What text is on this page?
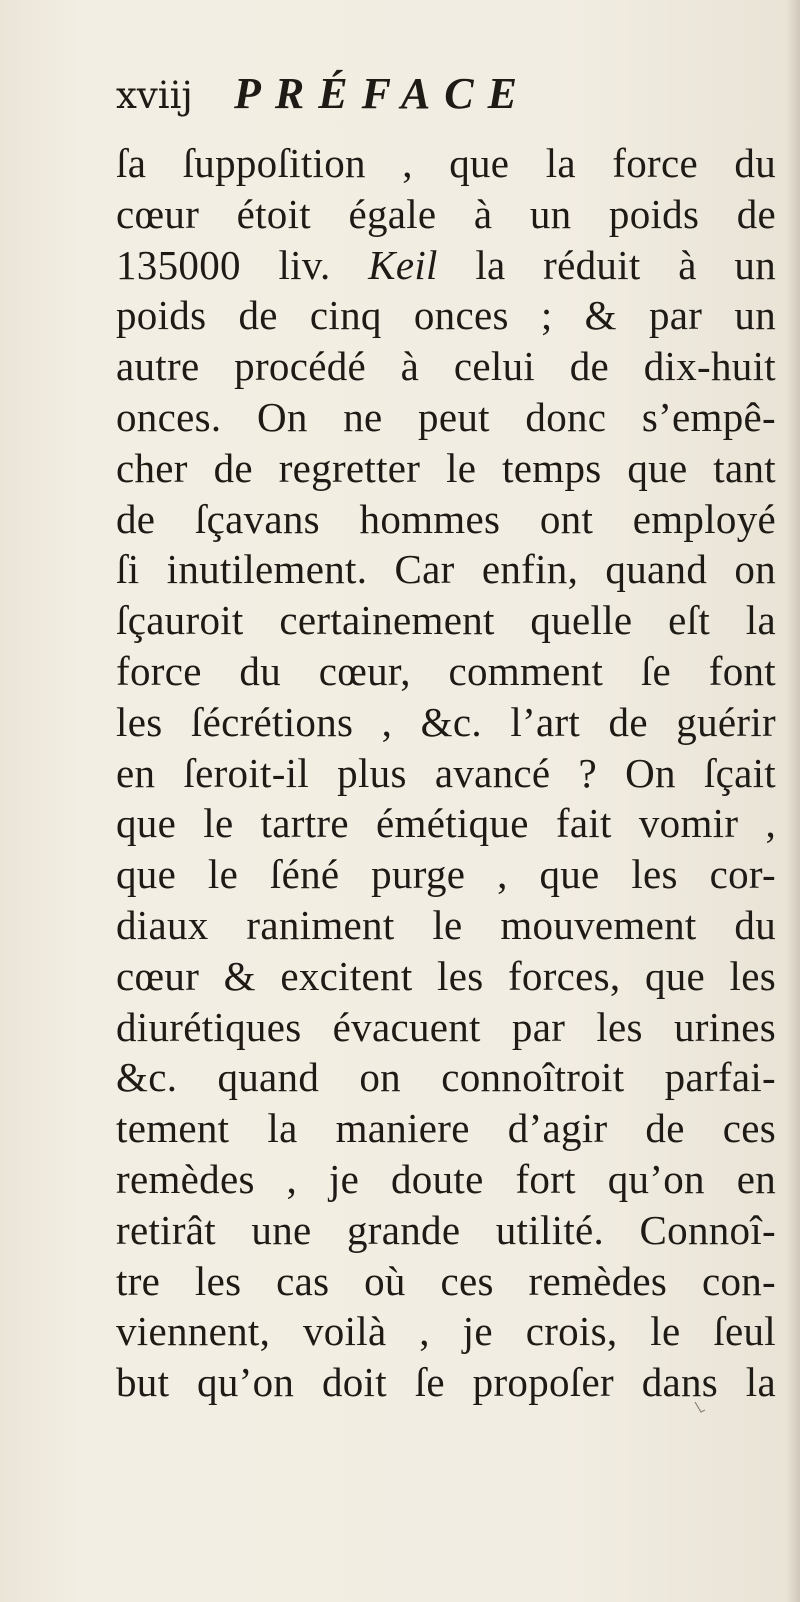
xviij PRÉFACE
ſa ſuppoſition , que la force du
cœur étoit égale à un poids de
135000 liv. Keil la réduit à un
poids de cinq onces ; & par un
autre procédé à celui de dix-huit
onces. On ne peut donc s’empê-
cher de regretter le temps que tant
de ſçavans hommes ont employé
ſi inutilement. Car enfin, quand on
ſçauroit certainement quelle eſt la
force du cœur, comment ſe font
les ſécrétions , &c. l’art de guérir
en ſeroit-il plus avancé ? On ſçait
que le tartre émétique fait vomir ,
que le ſéné purge , que les cor-
diaux raniment le mouvement du
cœur & excitent les forces, que les
diurétiques évacuent par les urines
&c. quand on connoîtroit parfai-
tement la maniere d’agir de ces
remèdes , je doute fort qu’on en
retirât une grande utilité. Connoî-
tre les cas où ces remèdes con-
viennent, voilà , je crois, le ſeul
but qu’on doit ſe propoſer dans la
